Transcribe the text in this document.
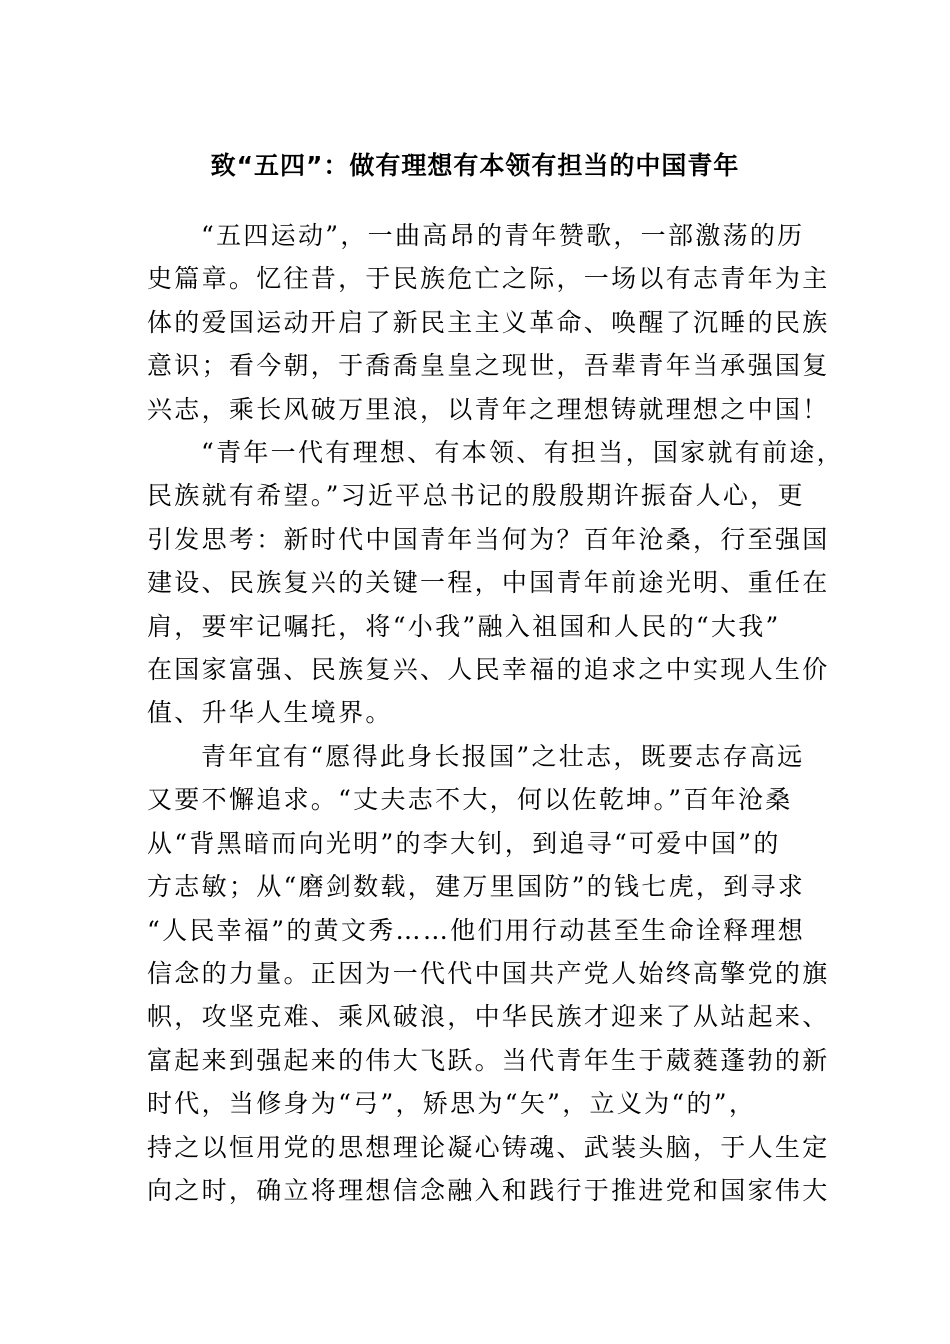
致“五四”：做有理想有本领有担当的中国青年

“五四运动”，一曲高昂的青年赞歌，一部激荡的历
史篇章。忆往昔，于民族危亡之际，一场以有志青年为主
体的爱国运动开启了新民主主义革命、唤醒了沉睡的民族
意识；看今朝，于喬喬皇皇之现世，吾辈青年当承强国复
兴志，乘长风破万里浪，以青年之理想铸就理想之中国！

“青年一代有理想、有本领、有担当，国家就有前途，
民族就有希望。”习近平总书记的殷殷期许振奋人心，更
引发思考：新时代中国青年当何为？百年沧桑，行至强国
建设、民族复兴的关键一程，中国青年前途光明、重任在
肩，要牢记嘱托，将“小我”融入祖国和人民的“大我”
在国家富强、民族复兴、人民幸福的追求之中实现人生价
值、升华人生境界。

青年宜有“愿得此身长报国”之壮志，既要志存高远
又要不懈追求。“丈夫志不大，何以佐乾坤。”百年沧桑
从“背黑暗而向光明”的李大钊，到追寻“可爱中国”的
方志敏；从“磨剑数载，建万里国防”的钱七虎，到寻求
“人民幸福”的黄文秀……他们用行动甚至生命诠释理想
信念的力量。正因为一代代中国共产党人始终高擎党的旗
帜，攻坚克难、乘风破浪，中华民族才迎来了从站起来、
富起来到强起来的伟大飞跃。当代青年生于葳蕤蓬勃的新
时代，当修身为“弓”，矫思为“矢”，立义为“的”，
持之以恒用党的思想理论凝心铸魂、武装头脑，于人生定
向之时，确立将理想信念融入和践行于推进党和国家伟大
